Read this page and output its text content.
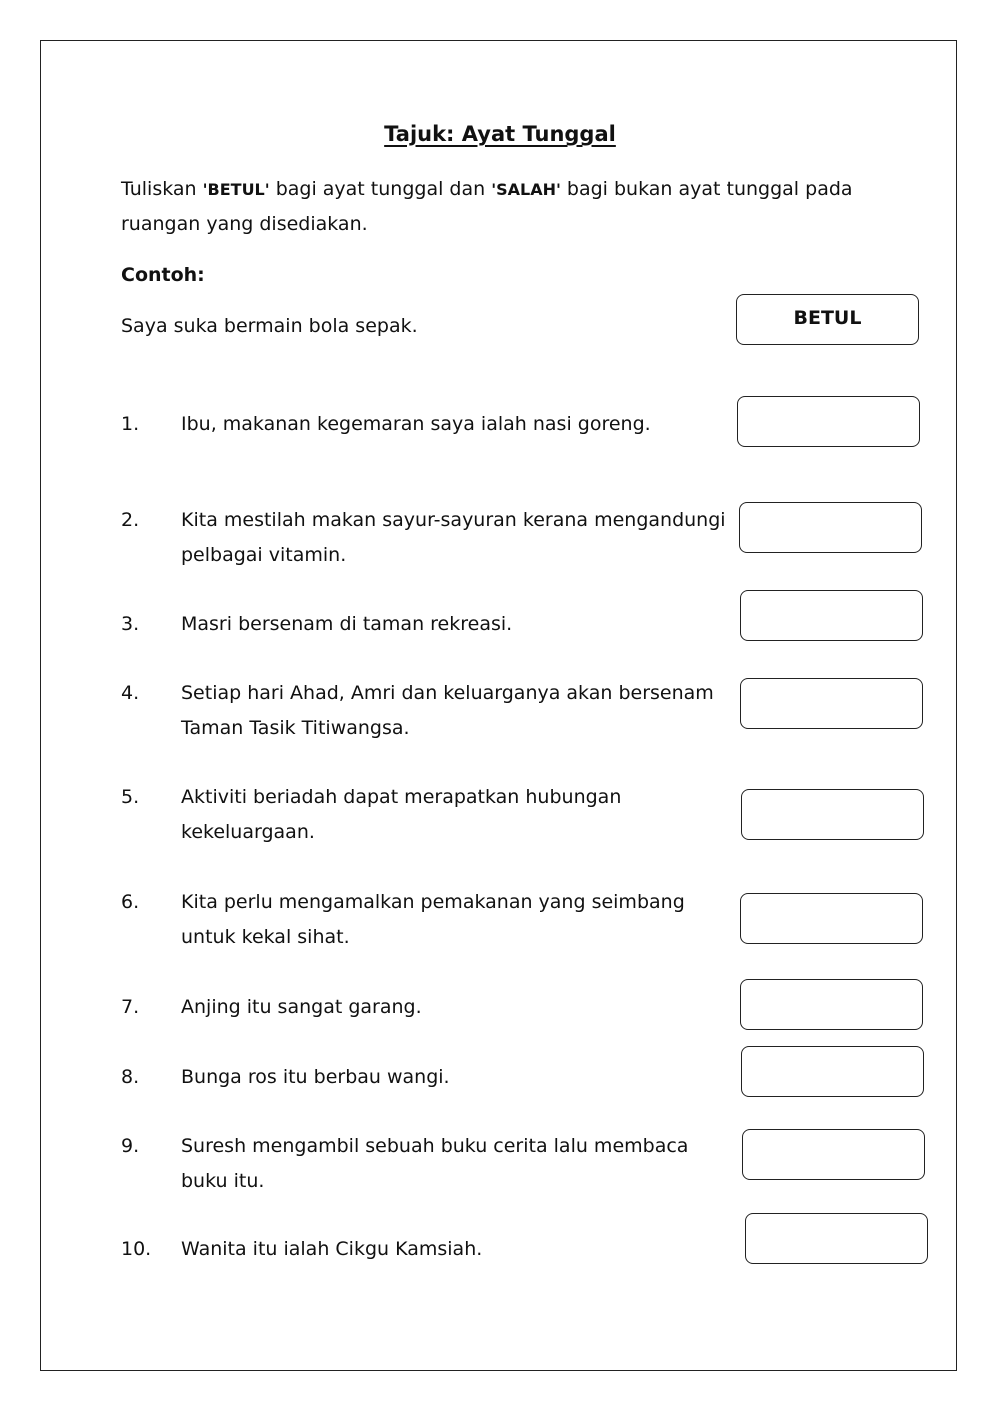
Tajuk: Ayat Tunggal
Tuliskan 'BETUL' bagi ayat tunggal dan 'SALAH' bagi bukan ayat tunggal pada ruangan yang disediakan.
Contoh:
Saya suka bermain bola sepak.	BETUL
1. Ibu, makanan kegemaran saya ialah nasi goreng.
2. Kita mestilah makan sayur-sayuran kerana mengandungi pelbagai vitamin.
3. Masri bersenam di taman rekreasi.
4. Setiap hari Ahad, Amri dan keluarganya akan bersenam Taman Tasik Titiwangsa.
5. Aktiviti beriadah dapat merapatkan hubungan kekeluargaan.
6. Kita perlu mengamalkan pemakanan yang seimbang untuk kekal sihat.
7. Anjing itu sangat garang.
8. Bunga ros itu berbau wangi.
9. Suresh mengambil sebuah buku cerita lalu membaca buku itu.
10. Wanita itu ialah Cikgu Kamsiah.
